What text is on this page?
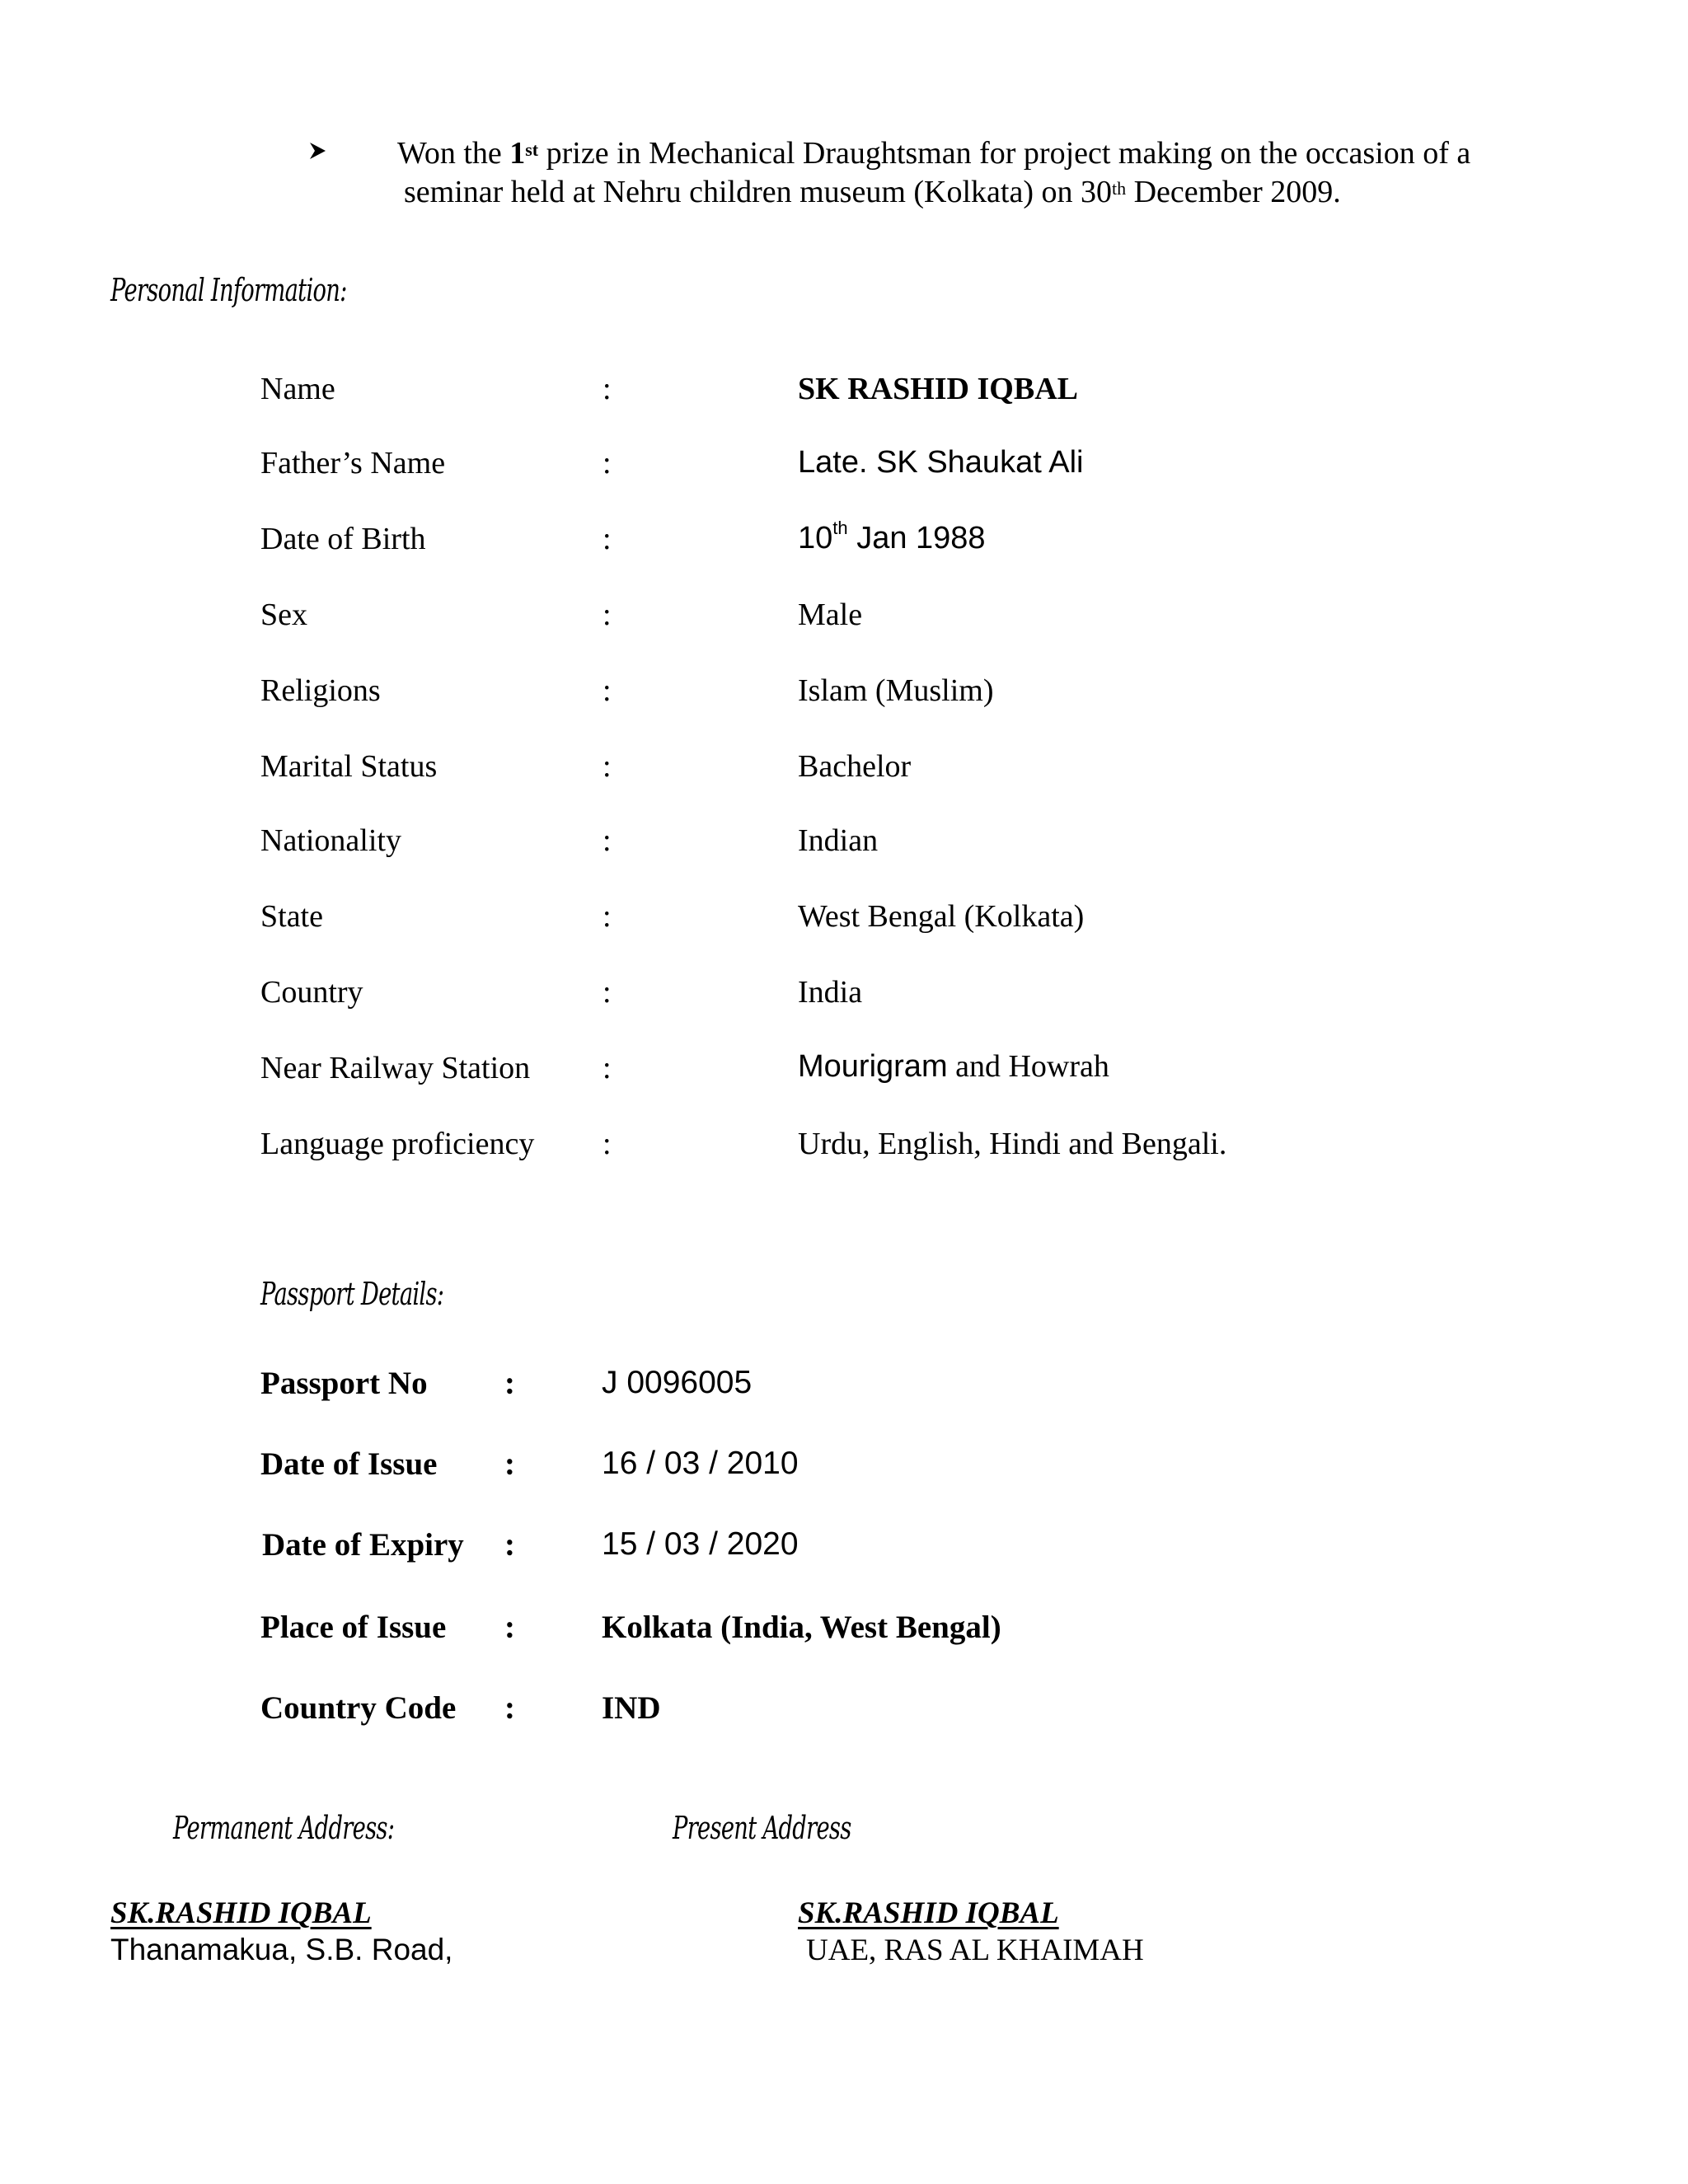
Won the 1st prize in Mechanical Draughtsman for project making on the occasion of a
seminar held at Nehru children museum (Kolkata) on 30th December 2009.
Personal Information:
Name	:	SK RASHID IQBAL
Father’s Name	:	Late. SK Shaukat Ali
Date of Birth	:	10th Jan 1988
Sex	:	Male
Religions	:	Islam (Muslim)
Marital Status	:	Bachelor
Nationality	:	Indian
State	:	West Bengal (Kolkata)
Country	:	India
Near Railway Station :	Mourigram and Howrah
Language proficiency :	Urdu, English, Hindi and Bengali.
Passport Details:
Passport No :	J 0096005
Date of Issue :	16 / 03 / 2010
Date of Expiry :	15 / 03 / 2020
Place of Issue :	Kolkata (India, West Bengal)
Country Code :	IND
Permanent Address:	Present Address
SK.RASHID IQBAL
Thanamakua, S.B. Road,
SK.RASHID IQBAL
UAE, RAS AL KHAIMAH
